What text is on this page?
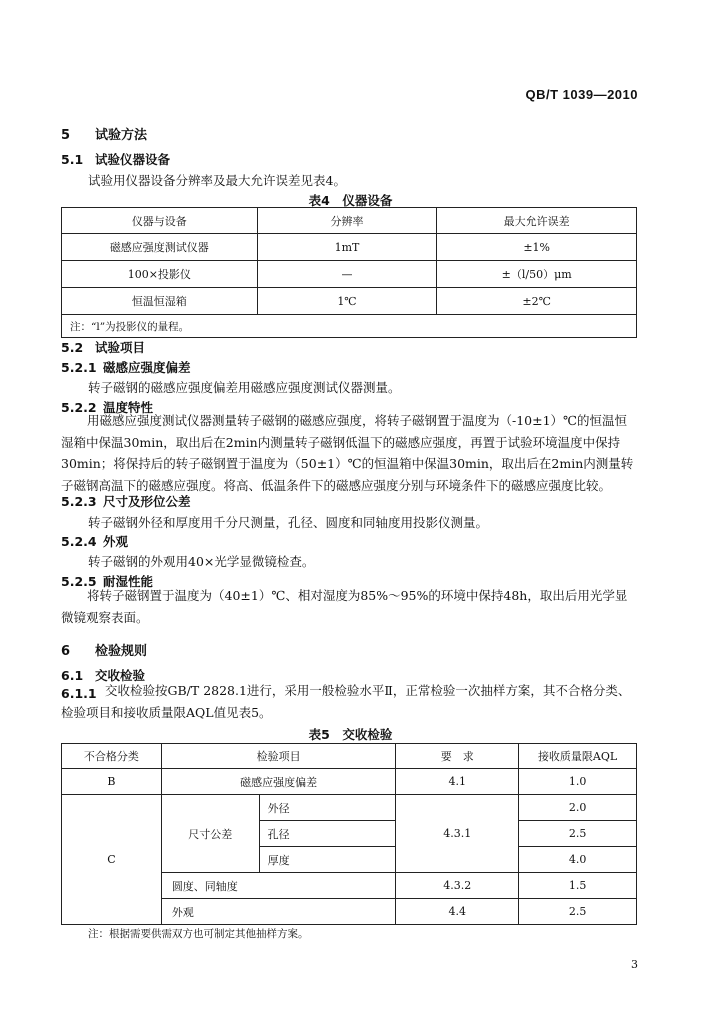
QB/T 1039—2010
5 试验方法
5.1 试验仪器设备
试验用仪器设备分辨率及最大允许误差见表4。
表4　仪器设备
仪器与设备	分辨率	最大允许误差
磁感应强度测试仪器	1mT	±1%
100×投影仪	—	±（l/50）μm
恒温恒湿箱	1℃	±2℃
注：“l”为投影仪的量程。		
5.2 试验项目
5.2.1 磁感应强度偏差
转子磁钢的磁感应强度偏差用磁感应强度测试仪器测量。
5.2.2 温度特性
用磁感应强度测试仪器测量转子磁钢的磁感应强度，将转子磁钢置于温度为（-10±1）℃的恒温恒湿箱中保温30min，取出后在2min内测量转子磁钢低温下的磁感应强度，再置于试验环境温度中保持30min；将保持后的转子磁钢置于温度为（50±1）℃的恒温箱中保温30min，取出后在2min内测量转子磁钢高温下的磁感应强度。将高、低温条件下的磁感应强度分别与环境条件下的磁感应强度比较。
5.2.3 尺寸及形位公差
转子磁钢外径和厚度用千分尺测量，孔径、圆度和同轴度用投影仪测量。
5.2.4 外观
转子磁钢的外观用40×光学显微镜检查。
5.2.5 耐湿性能
将转子磁钢置于温度为（40±1）℃、相对湿度为85%～95%的环境中保持48h，取出后用光学显微镜观察表面。
6 检验规则
6.1 交收检验
6.1.1 交收检验按GB/T 2828.1进行，采用一般检验水平Ⅱ，正常检验一次抽样方案，其不合格分类、检验项目和接收质量限AQL值见表5。
表5　交收检验
不合格分类	检验项目		要　求	接收质量限AQL
B	磁感应强度偏差		4.1	1.0
C	尺寸公差	外径	4.3.1	2.0
		孔径		2.5
		厚度		4.0
	圆度、同轴度		4.3.2	1.5
	外观		4.4	2.5
注：根据需要供需双方也可制定其他抽样方案。
3
